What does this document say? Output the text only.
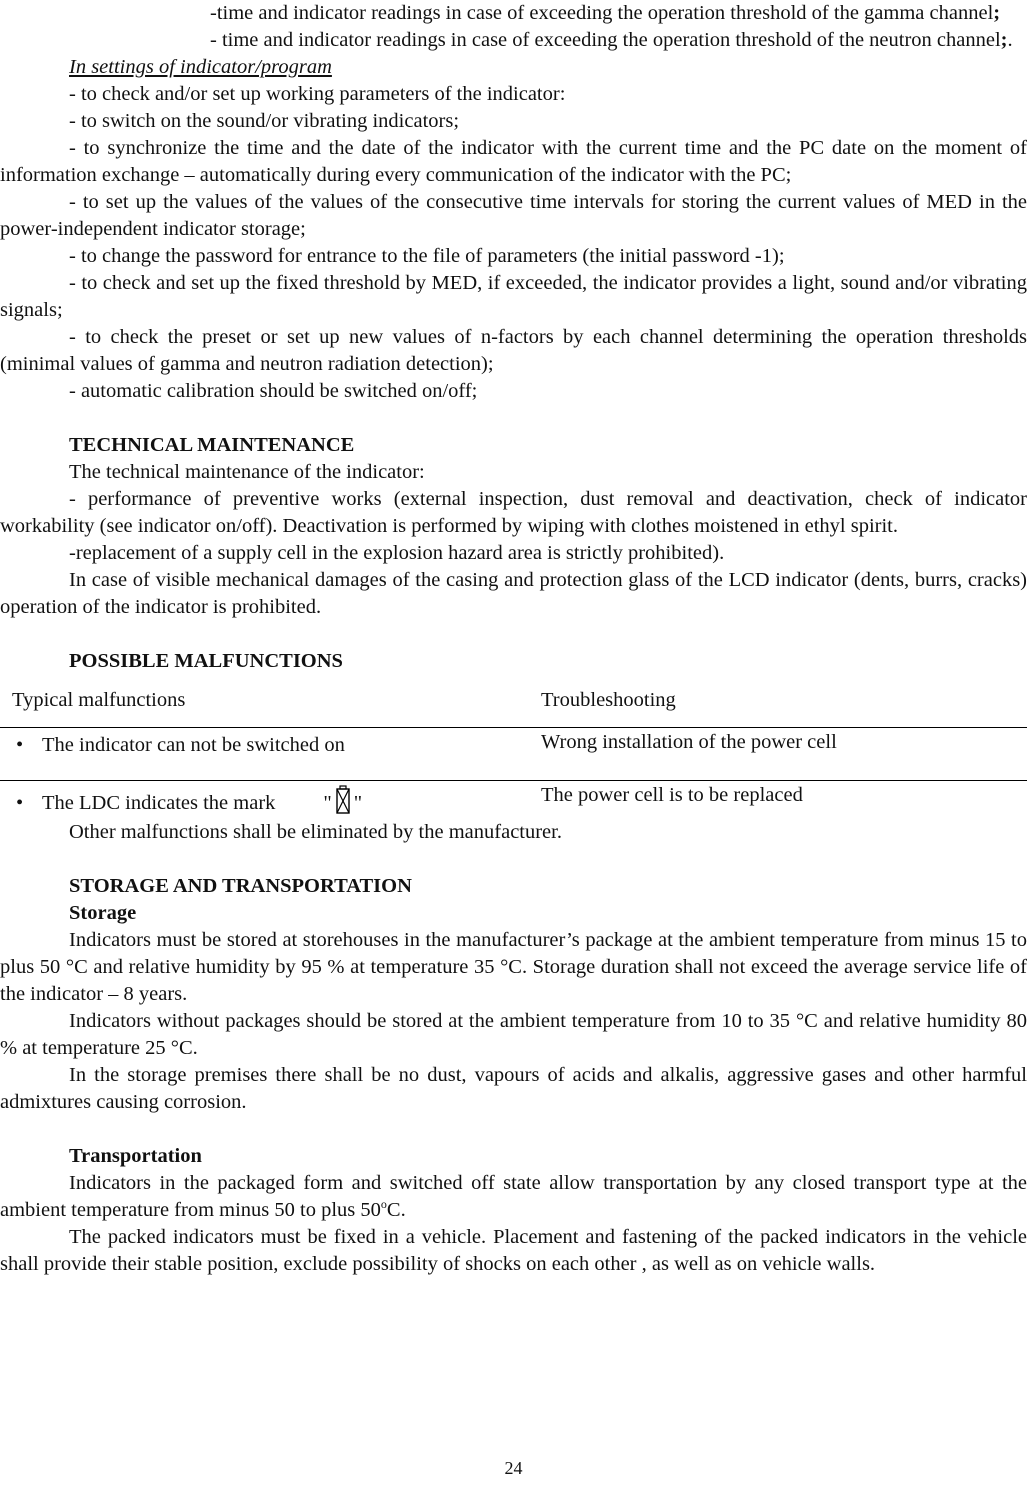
-time and indicator readings in case of exceeding the operation threshold of the gamma channel;

- time and indicator readings in case of exceeding the operation threshold of the neutron channel;.

In settings of indicator/program

- to check and/or set up working parameters of the indicator:

- to switch on the sound/or vibrating indicators;

- to synchronize the time and the date of the indicator with the current time and the PC date on the moment of information exchange – automatically during every communication of the indicator with the PC;

- to set up the values of the values of the consecutive time intervals for storing the current values of MED in the power-independent indicator storage;

- to change the password for entrance to the file of parameters (the initial password -1);

- to check and set up the fixed threshold by MED, if exceeded, the indicator provides a light, sound and/or vibrating signals;

- to check the preset or set up new values of n-factors by each channel determining the operation thresholds (minimal values of gamma and neutron radiation detection);

- automatic calibration should be switched on/off;

TECHNICAL MAINTENANCE

The technical maintenance of the indicator:

- performance of preventive works (external inspection, dust removal and deactivation, check of indicator workability (see indicator on/off). Deactivation is performed by wiping with clothes moistened in ethyl spirit.

-replacement of a supply cell in the explosion hazard area is strictly prohibited).

In case of visible mechanical damages of the casing and protection glass of the LCD indicator (dents, burrs, cracks) operation of the indicator is prohibited.

POSSIBLE MALFUNCTIONS

Typical malfunctions	Troubleshooting
• The indicator can not be switched on	Wrong installation of the power cell
• The LDC indicates the mark " "	The power cell is to be replaced

Other malfunctions shall be eliminated by the manufacturer.

STORAGE AND TRANSPORTATION

Storage

Indicators must be stored at storehouses in the manufacturer’s package at the ambient temperature from minus 15 to plus 50 °C and relative humidity by 95 % at temperature 35 °C. Storage duration shall not exceed the average service life of the indicator – 8 years.

Indicators without packages should be stored at the ambient temperature from 10 to 35 °C and relative humidity 80 % at temperature 25 °C.

In the storage premises there shall be no dust, vapours of acids and alkalis, aggressive gases and other harmful admixtures causing corrosion.

Transportation

Indicators in the packaged form and switched off state allow transportation by any closed transport type at the ambient temperature from minus 50 to plus 50$^o$C.

The packed indicators must be fixed in a vehicle. Placement and fastening of the packed indicators in the vehicle shall provide their stable position, exclude possibility of shocks on each other , as well as on vehicle walls.

24
